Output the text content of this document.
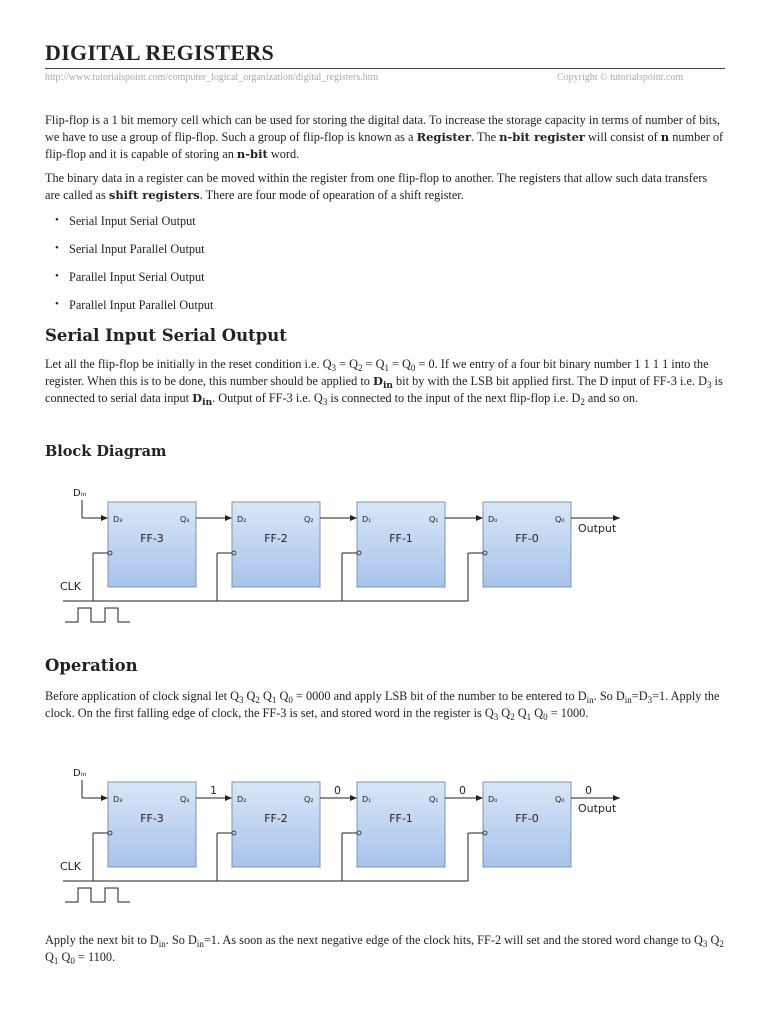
DIGITAL REGISTERS
http://www.tutorialspoint.com/computer_logical_organization/digital_registers.htm	Copyright © tutorialspoint.com

Flip-flop is a 1 bit memory cell which can be used for storing the digital data. To increase the storage capacity in terms of number of bits, we have to use a group of flip-flop. Such a group of flip-flop is known as a Register. The n-bit register will consist of n number of flip-flop and it is capable of storing an n-bit word.

The binary data in a register can be moved within the register from one flip-flop to another. The registers that allow such data transfers are called as shift registers. There are four mode of opearation of a shift register.

• Serial Input Serial Output
• Serial Input Parallel Output
• Parallel Input Serial Output
• Parallel Input Parallel Output
Serial Input Serial Output

Let all the flip-flop be initially in the reset condition i.e. $Q_3 = Q_2 = Q_1 = Q_0 = 0$. If we entry of a four bit binary number 1 1 1 1 into the register. When this is to be done, this number should be applied to $D_{in}$ bit by with the LSB bit applied first. The D input of FF-3 i.e. $D_3$ is connected to serial data input $D_{in}$. Output of FF-3 i.e. $Q_3$ is connected to the input of the next flip-flop i.e. $D_2$ and so on.

Block Diagram
Operation

Before application of clock signal let $Q_3$ $Q_2$ $Q_1$ $Q_0 = 0000$ and apply LSB bit of the number to be entered to $D_{in}$. So $D_{in}=D_3=1$. Apply the clock. On the first falling edge of clock, the FF-3 is set, and stored word in the register is $Q_3$ $Q_2$ $Q_1$ $Q_0 = 1000$.

Apply the next bit to $D_{in}$. So $D_{in}=1$. As soon as the next negative edge of the clock hits, FF-2 will set and the stored word change to $Q_3$ $Q_2$ $Q_1$ $Q_0 = 1100$.

Dᵢₙ
D₃	Q₃
FF-3
D₂	Q₂
FF-2
D₁	Q₁
FF-1
D₀	Q₀
FF-0
Output
CLK
Dᵢₙ
D₃	Q₃
FF-3
1
D₂	Q₂
FF-2
0
D₁	Q₁
FF-1
0
D₀	Q₀
FF-0
0
Output
CLK
